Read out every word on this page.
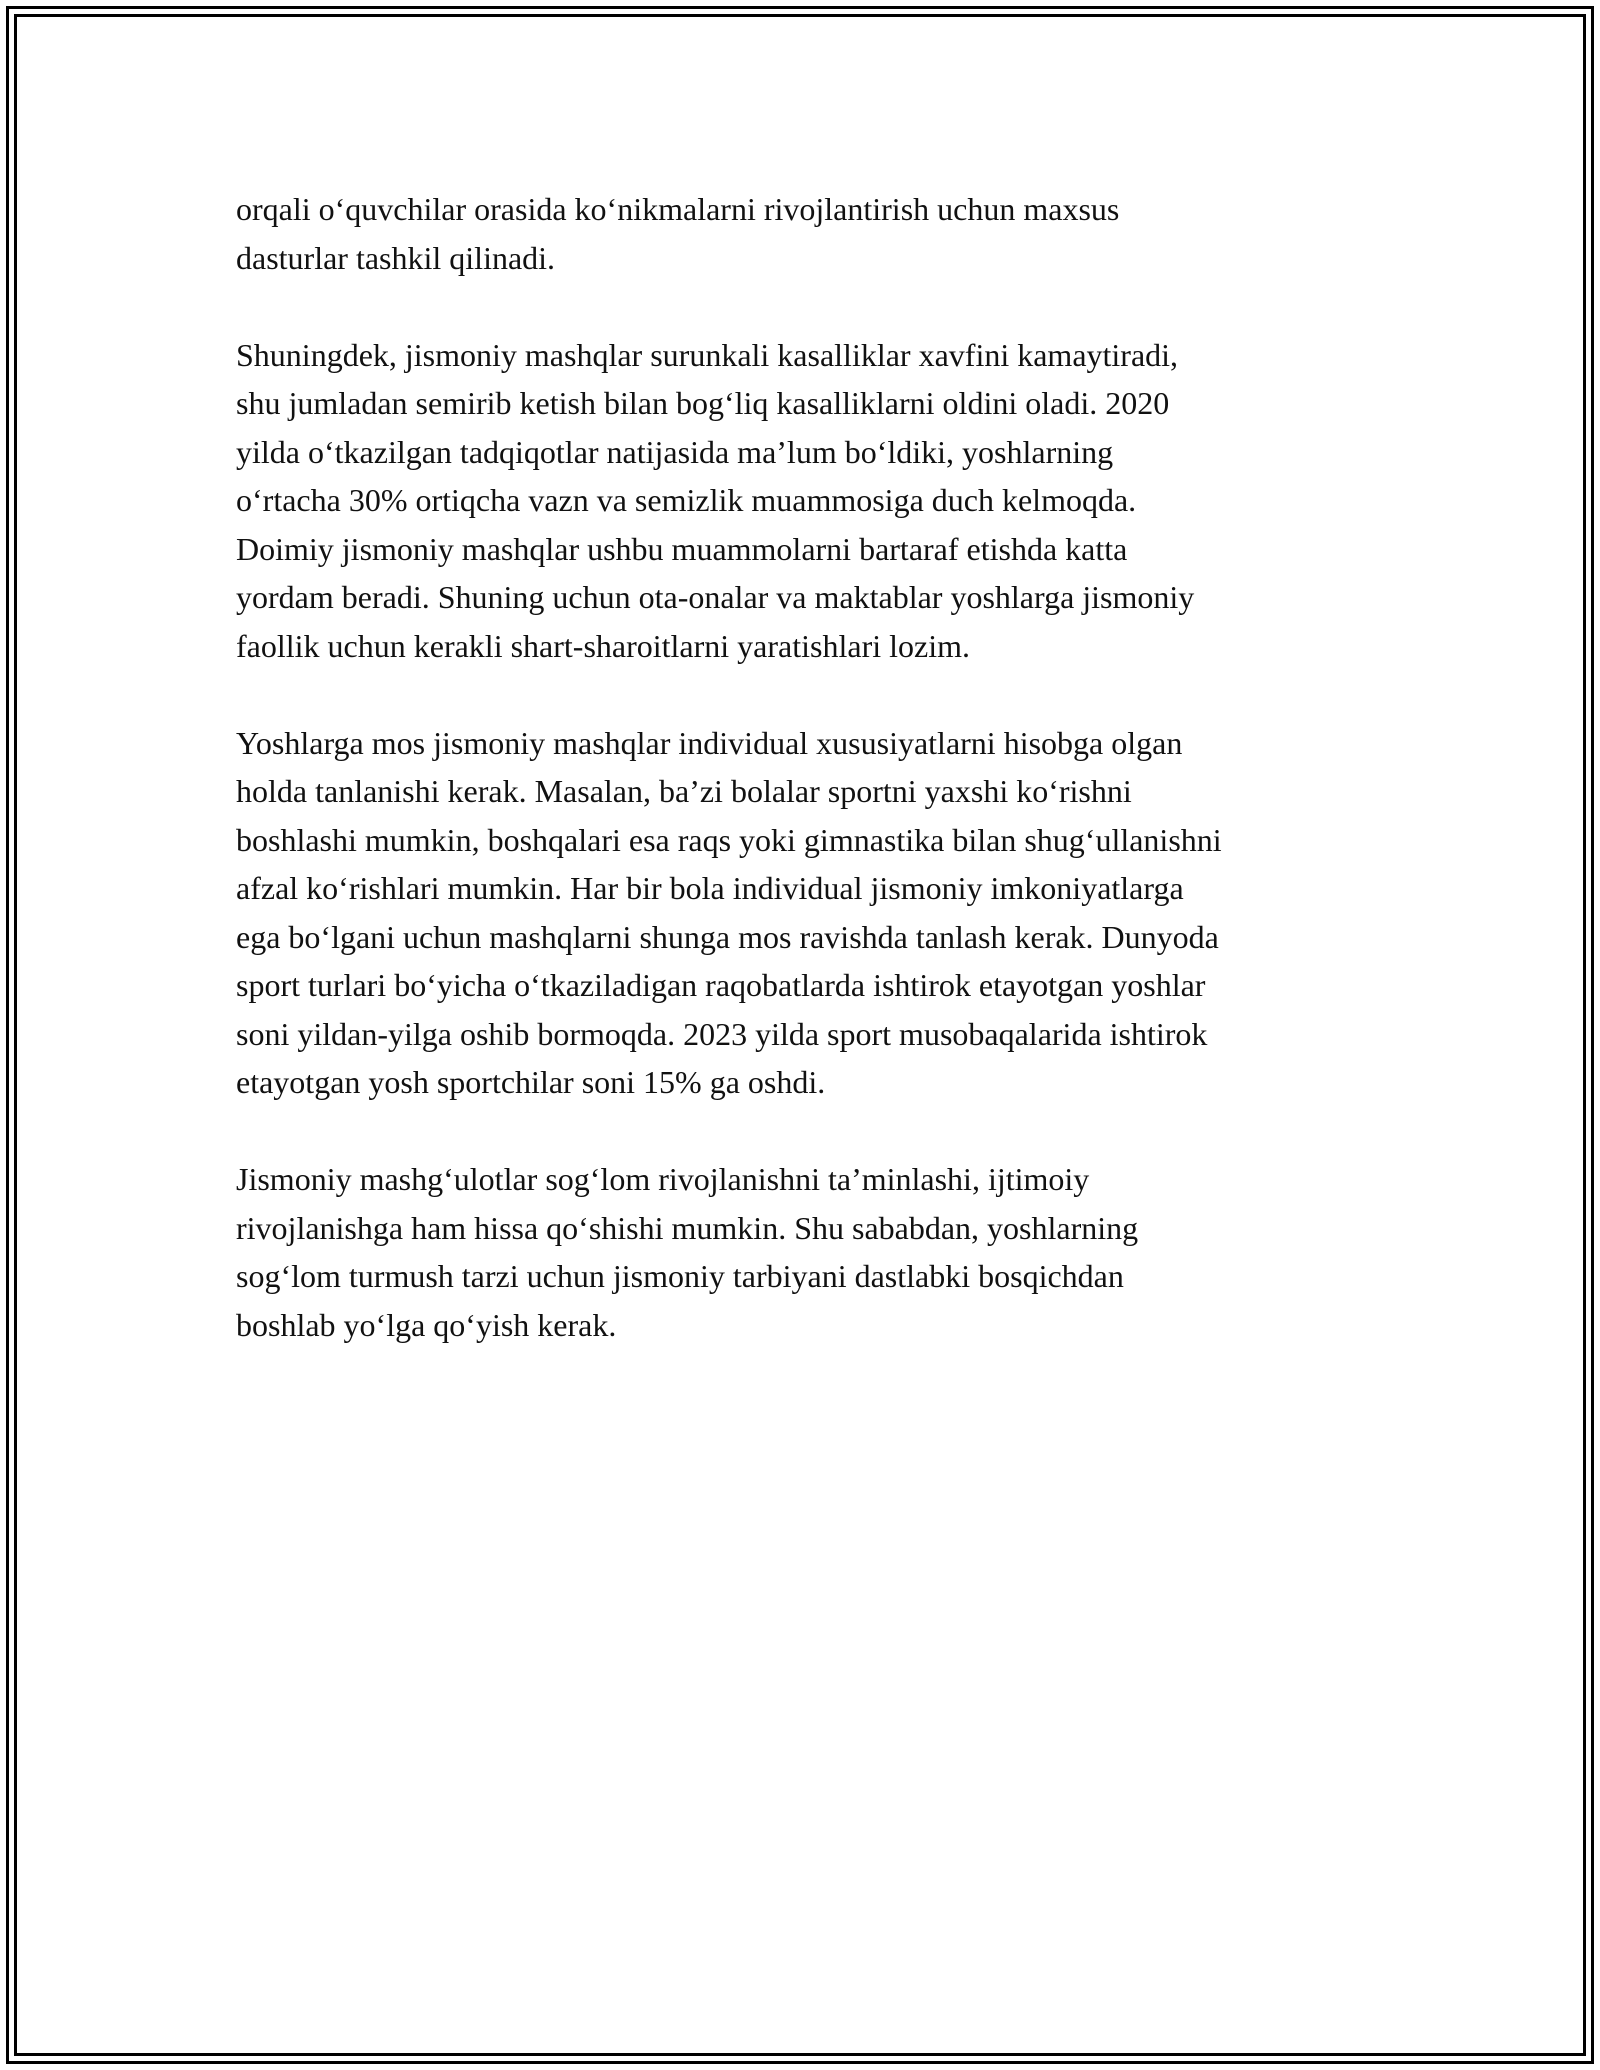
orqali o‘quvchilar orasida ko‘nikmalarni rivojlantirish uchun maxsus
dasturlar tashkil qilinadi.

Shuningdek, jismoniy mashqlar surunkali kasalliklar xavfini kamaytiradi,
shu jumladan semirib ketish bilan bog‘liq kasalliklarni oldini oladi. 2020
yilda o‘tkazilgan tadqiqotlar natijasida ma’lum bo‘ldiki, yoshlarning
o‘rtacha 30% ortiqcha vazn va semizlik muammosiga duch kelmoqda.
Doimiy jismoniy mashqlar ushbu muammolarni bartaraf etishda katta
yordam beradi. Shuning uchun ota-onalar va maktablar yoshlarga jismoniy
faollik uchun kerakli shart-sharoitlarni yaratishlari lozim.

Yoshlarga mos jismoniy mashqlar individual xususiyatlarni hisobga olgan
holda tanlanishi kerak. Masalan, ba’zi bolalar sportni yaxshi ko‘rishni
boshlashi mumkin, boshqalari esa raqs yoki gimnastika bilan shug‘ullanishni
afzal ko‘rishlari mumkin. Har bir bola individual jismoniy imkoniyatlarga
ega bo‘lgani uchun mashqlarni shunga mos ravishda tanlash kerak. Dunyoda
sport turlari bo‘yicha o‘tkaziladigan raqobatlarda ishtirok etayotgan yoshlar
soni yildan-yilga oshib bormoqda. 2023 yilda sport musobaqalarida ishtirok
etayotgan yosh sportchilar soni 15% ga oshdi.

Jismoniy mashg‘ulotlar sog‘lom rivojlanishni ta’minlashi, ijtimoiy
rivojlanishga ham hissa qo‘shishi mumkin. Shu sababdan, yoshlarning
sog‘lom turmush tarzi uchun jismoniy tarbiyani dastlabki bosqichdan
boshlab yo‘lga qo‘yish kerak.
